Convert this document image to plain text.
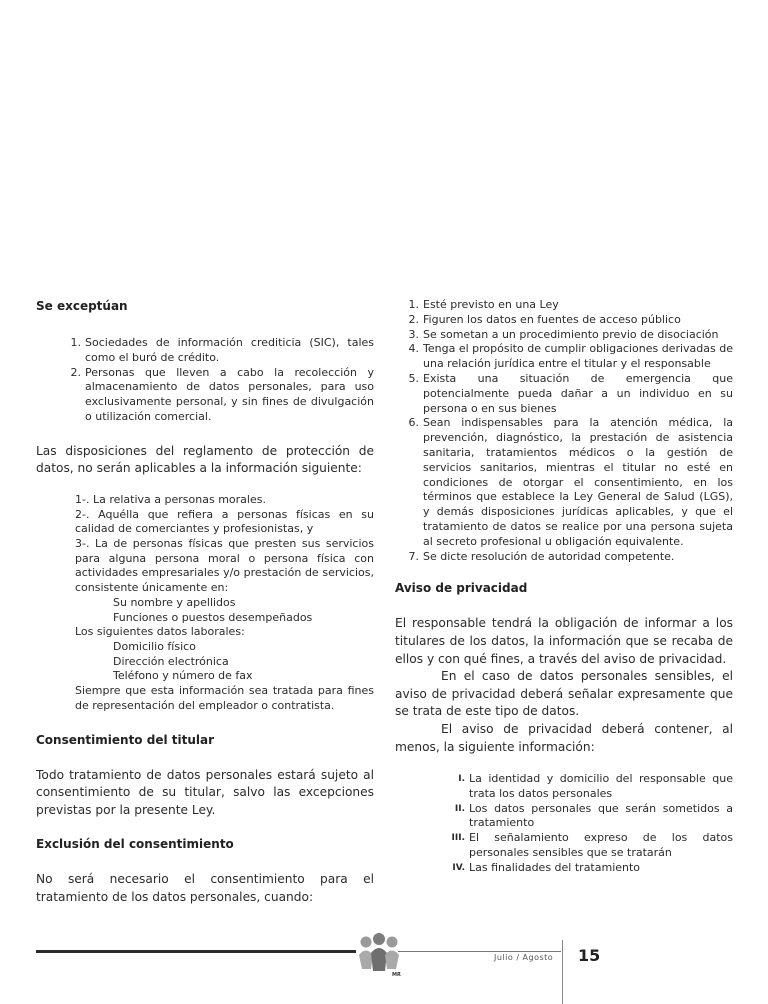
Se exceptúan

1. Sociedades de información crediticia (SIC), tales como el buró de crédito.
2. Personas que lleven a cabo la recolección y almacenamiento de datos personales, para uso exclusivamente personal, y sin fines de divulgación o utilización comercial.

Las disposiciones del reglamento de protección de datos, no serán aplicables a la información siguiente:

1-. La relativa a personas morales.

2-. Aquélla que refiera a personas físicas en su calidad de comerciantes y profesionistas, y

3-. La de personas físicas que presten sus servicios para alguna persona moral o persona física con actividades empresariales y/o prestación de servicios, consistente únicamente en:

Su nombre y apellidos

Funciones o puestos desempeñados

Los siguientes datos laborales:

Domicilio físico

Dirección electrónica

Teléfono y número de fax

Siempre que esta información sea tratada para fines de representación del empleador o contratista.

Consentimiento del titular

Todo tratamiento de datos personales estará sujeto al consentimiento de su titular, salvo las excepciones previstas por la presente Ley.

Exclusión del consentimiento

No será necesario el consentimiento para el tratamiento de los datos personales, cuando:

1. Esté previsto en una Ley
2. Figuren los datos en fuentes de acceso público
3. Se sometan a un procedimiento previo de disociación
4. Tenga el propósito de cumplir obligaciones derivadas de una relación jurídica entre el titular y el responsable
5. Exista una situación de emergencia que potencialmente pueda dañar a un individuo en su persona o en sus bienes
6. Sean indispensables para la atención médica, la prevención, diagnóstico, la prestación de asistencia sanitaria, tratamientos médicos o la gestión de servicios sanitarios, mientras el titular no esté en condiciones de otorgar el consentimiento, en los términos que establece la Ley General de Salud (LGS), y demás disposiciones jurídicas aplicables, y que el tratamiento de datos se realice por una persona sujeta al secreto profesional u obligación equivalente.
7. Se dicte resolución de autoridad competente.

Aviso de privacidad

El responsable tendrá la obligación de informar a los titulares de los datos, la información que se recaba de ellos y con qué fines, a través del aviso de privacidad.

En el caso de datos personales sensibles, el aviso de privacidad deberá señalar expresamente que se trata de este tipo de datos.

El aviso de privacidad deberá contener, al menos, la siguiente información:

I. La identidad y domicilio del responsable que trata los datos personales
II. Los datos personales que serán sometidos a tratamiento
III. El señalamiento expreso de los datos personales sensibles que se tratarán
IV. Las finalidades del tratamiento
MR
Julio / Agosto 15
